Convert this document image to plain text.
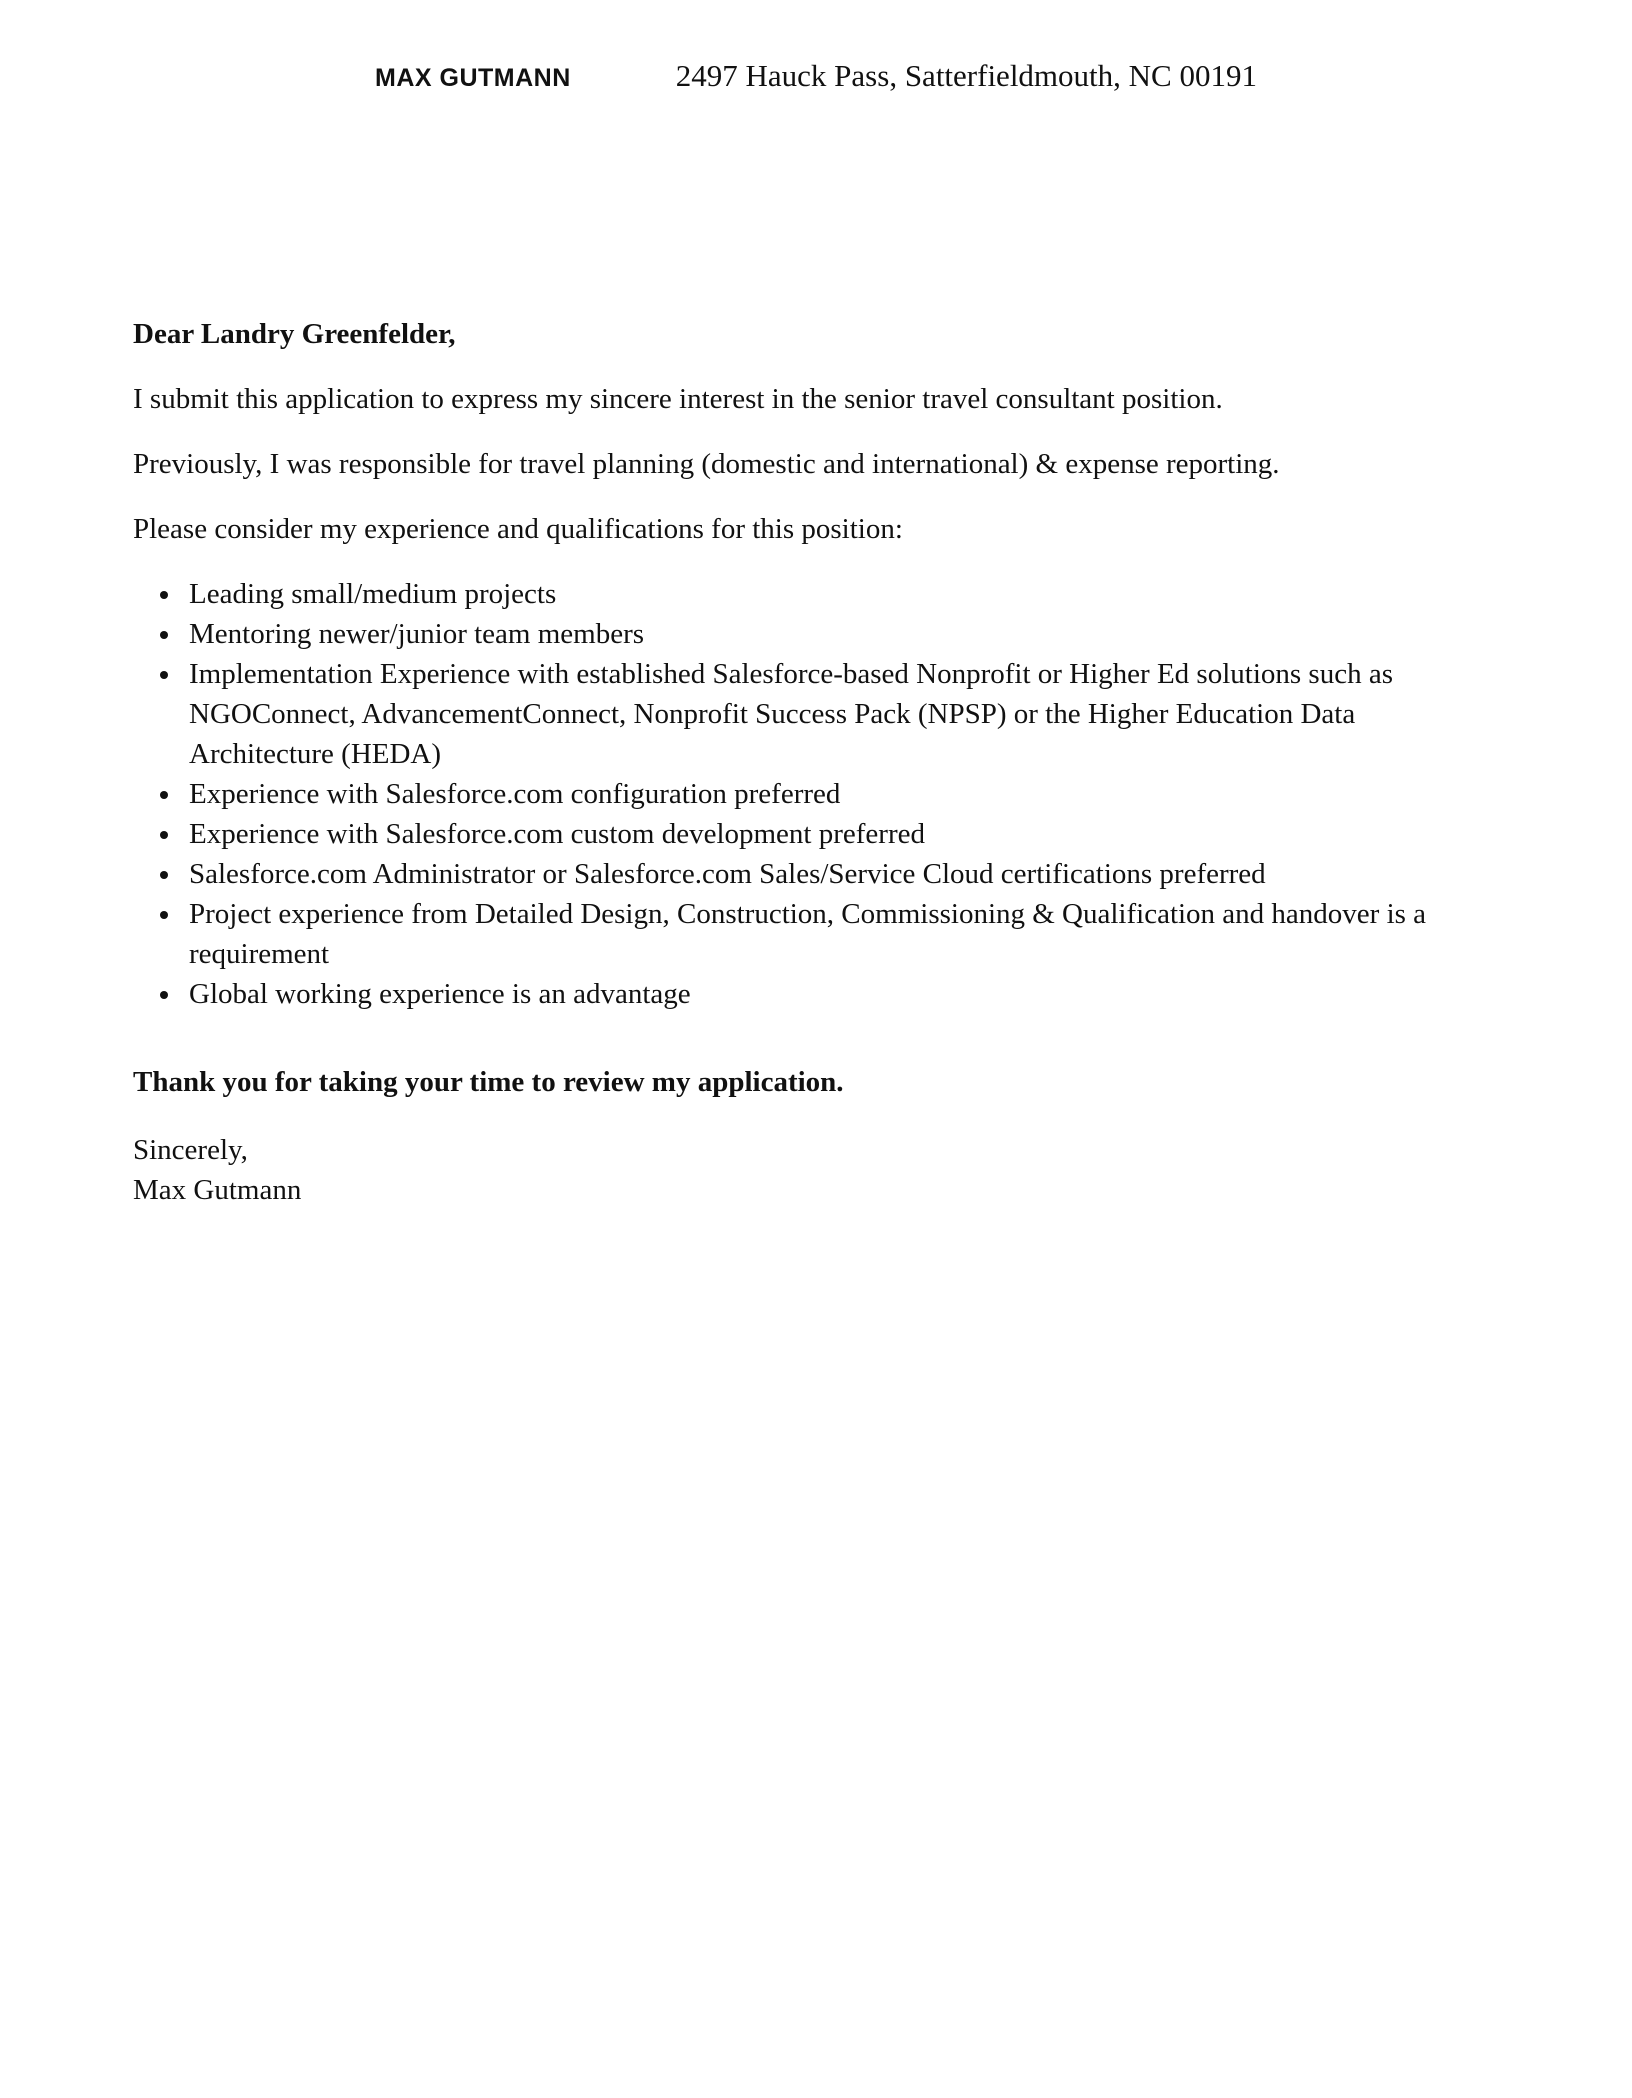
MAX GUTMANN	2497 Hauck Pass, Satterfieldmouth, NC 00191

Dear Landry Greenfelder,

I submit this application to express my sincere interest in the senior travel consultant position.

Previously, I was responsible for travel planning (domestic and international) & expense reporting.

Please consider my experience and qualifications for this position:

• Leading small/medium projects
• Mentoring newer/junior team members
• Implementation Experience with established Salesforce-based Nonprofit or Higher Ed solutions such as NGOConnect, AdvancementConnect, Nonprofit Success Pack (NPSP) or the Higher Education Data Architecture (HEDA)
• Experience with Salesforce.com configuration preferred
• Experience with Salesforce.com custom development preferred
• Salesforce.com Administrator or Salesforce.com Sales/Service Cloud certifications preferred
• Project experience from Detailed Design, Construction, Commissioning & Qualification and handover is a requirement
• Global working experience is an advantage

Thank you for taking your time to review my application.

Sincerely,
Max Gutmann
